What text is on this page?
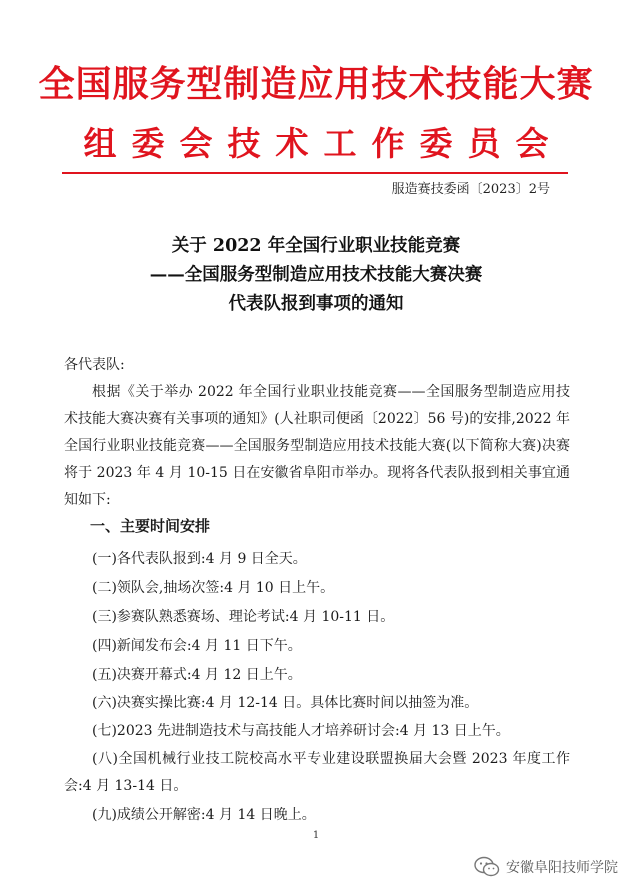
全国服务型制造应用技术技能大赛
组委会技术工作委员会
服造赛技委函〔2023〕2号
关于 2022 年全国行业职业技能竞赛
——全国服务型制造应用技术技能大赛决赛
代表队报到事项的通知
各代表队:
根据《关于举办 2022 年全国行业职业技能竞赛——全国服务型制造应用技术技能大赛决赛有关事项的通知》(人社职司便函〔2022〕56 号)的安排,2022 年全国行业职业技能竞赛——全国服务型制造应用技术技能大赛(以下简称大赛)决赛将于 2023 年 4 月 10-15 日在安徽省阜阳市举办。现将各代表队报到相关事宜通知如下:
一、主要时间安排
(一)各代表队报到:4 月 9 日全天。
(二)领队会,抽场次签:4 月 10 日上午。
(三)参赛队熟悉赛场、理论考试:4 月 10-11 日。
(四)新闻发布会:4 月 11 日下午。
(五)决赛开幕式:4 月 12 日上午。
(六)决赛实操比赛:4 月 12-14 日。具体比赛时间以抽签为准。
(七)2023 先进制造技术与高技能人才培养研讨会:4 月 13 日上午。
(八)全国机械行业技工院校高水平专业建设联盟换届大会暨 2023 年度工作会:4 月 13-14 日。
(九)成绩公开解密:4 月 14 日晚上。
1
安徽阜阳技师学院
